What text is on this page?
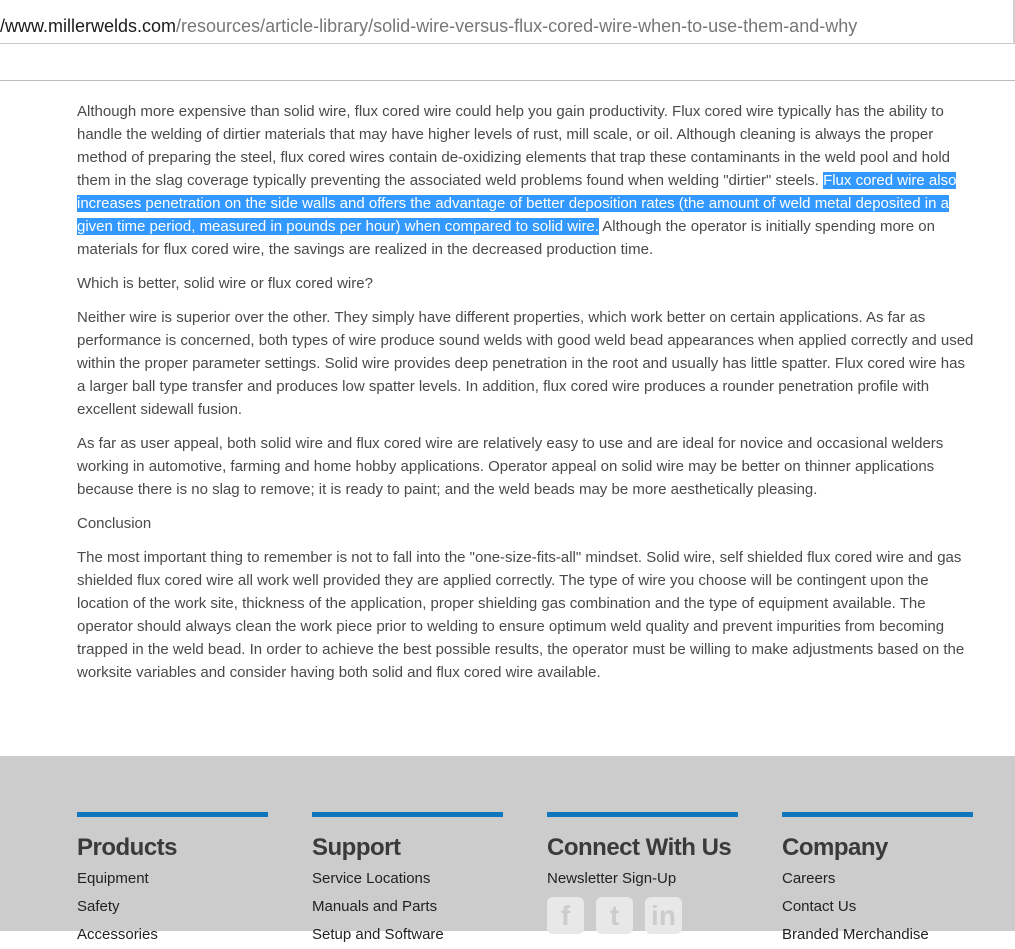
/www.millerwelds.com/resources/article-library/solid-wire-versus-flux-cored-wire-when-to-use-them-and-why

Although more expensive than solid wire, flux cored wire could help you gain productivity. Flux cored wire typically has the ability to handle the welding of dirtier materials that may have higher levels of rust, mill scale, or oil. Although cleaning is always the proper method of preparing the steel, flux cored wires contain de-oxidizing elements that trap these contaminants in the weld pool and hold them in the slag coverage typically preventing the associated weld problems found when welding "dirtier" steels. Flux cored wire also increases penetration on the side walls and offers the advantage of better deposition rates (the amount of weld metal deposited in a given time period, measured in pounds per hour) when compared to solid wire. Although the operator is initially spending more on materials for flux cored wire, the savings are realized in the decreased production time.

Which is better, solid wire or flux cored wire?

Neither wire is superior over the other. They simply have different properties, which work better on certain applications. As far as performance is concerned, both types of wire produce sound welds with good weld bead appearances when applied correctly and used within the proper parameter settings. Solid wire provides deep penetration in the root and usually has little spatter. Flux cored wire has a larger ball type transfer and produces low spatter levels. In addition, flux cored wire produces a rounder penetration profile with excellent sidewall fusion.

As far as user appeal, both solid wire and flux cored wire are relatively easy to use and are ideal for novice and occasional welders working in automotive, farming and home hobby applications. Operator appeal on solid wire may be better on thinner applications because there is no slag to remove; it is ready to paint; and the weld beads may be more aesthetically pleasing.

Conclusion

The most important thing to remember is not to fall into the "one-size-fits-all" mindset. Solid wire, self shielded flux cored wire and gas shielded flux cored wire all work well provided they are applied correctly. The type of wire you choose will be contingent upon the location of the work site, thickness of the application, proper shielding gas combination and the type of equipment available. The operator should always clean the work piece prior to welding to ensure optimum weld quality and prevent impurities from becoming trapped in the weld bead. In order to achieve the best possible results, the operator must be willing to make adjustments based on the worksite variables and consider having both solid and flux cored wire available.

Products
Equipment
Safety
Accessories
Support
Service Locations
Manuals and Parts
Setup and Software
Connect With Us
Newsletter Sign-Up
f	t	in
Company
Careers
Contact Us
Branded Merchandise
